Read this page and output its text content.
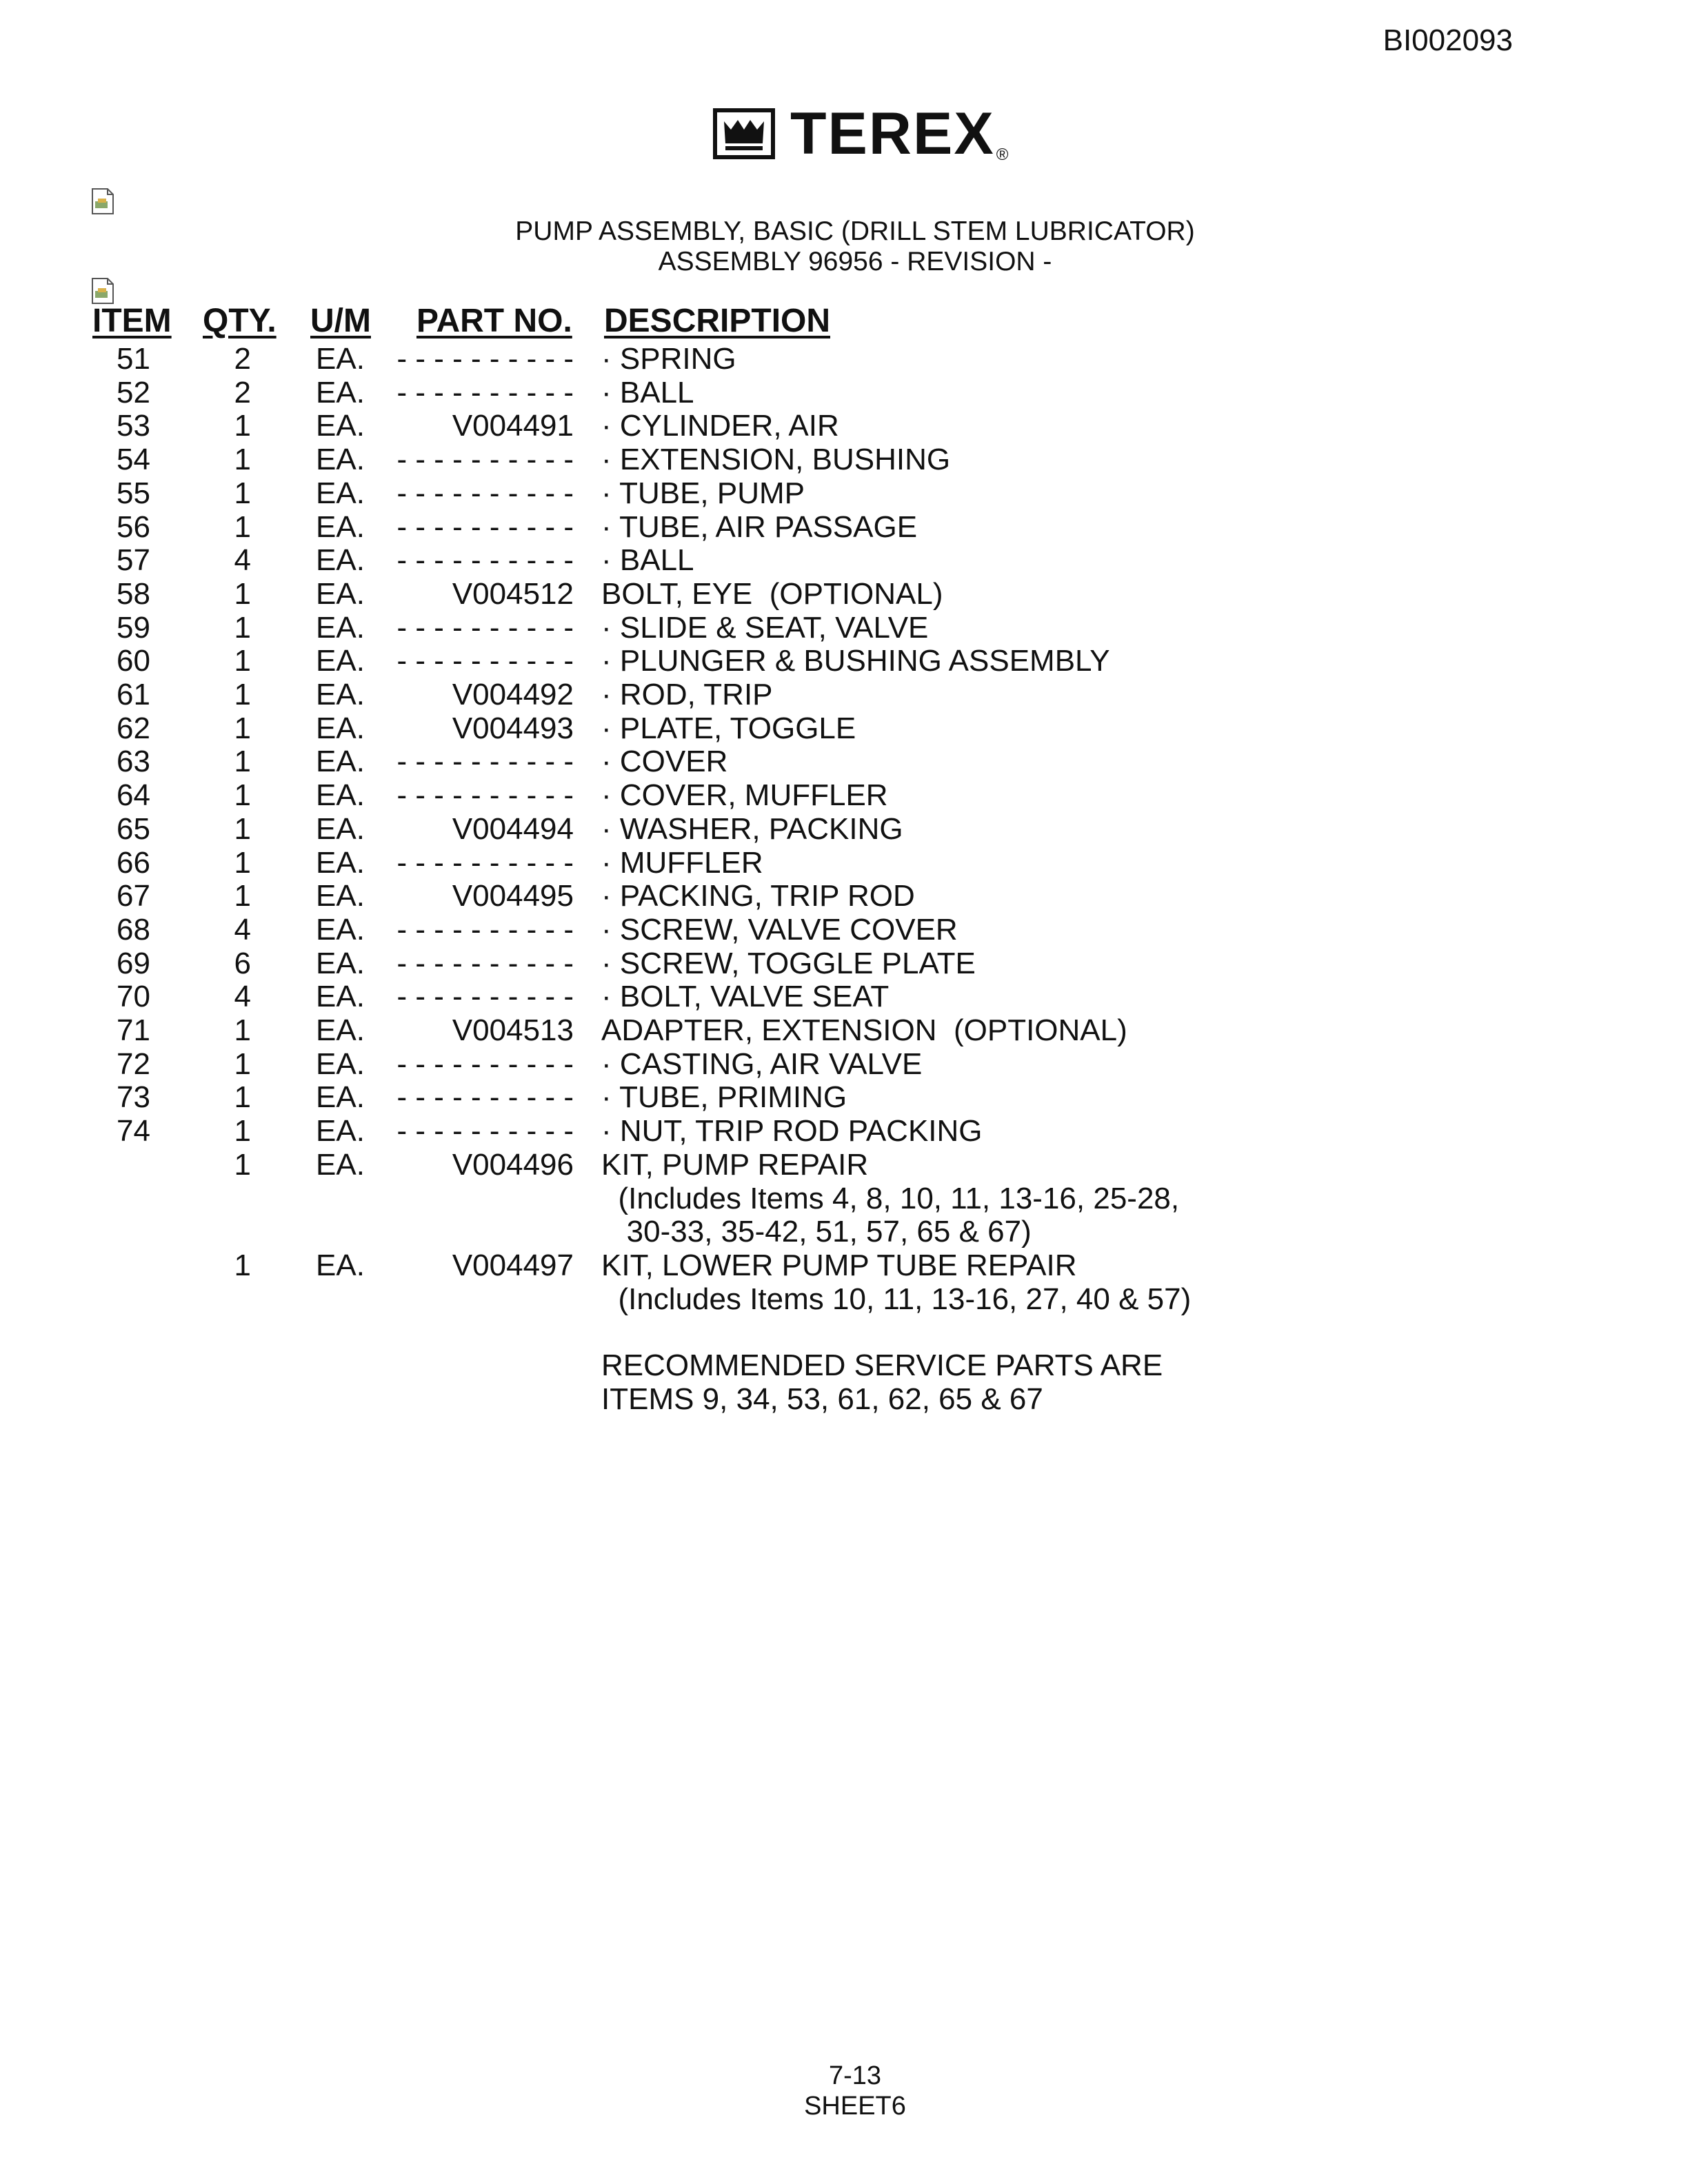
BI002093
TEREX®
PUMP ASSEMBLY, BASIC (DRILL STEM LUBRICATOR)
ASSEMBLY 96956 - REVISION -
ITEM QTY. U/M PART NO. DESCRIPTION
51	2 EA.	- - - - - - - - - - · SPRING
52	2 EA.	- - - - - - - - - - · BALL
53	1 EA.	V004491 · CYLINDER, AIR
54	1 EA.	- - - - - - - - - - · EXTENSION, BUSHING
55	1 EA.	- - - - - - - - - - · TUBE, PUMP
56	1 EA.	- - - - - - - - - - · TUBE, AIR PASSAGE
57	4 EA.	- - - - - - - - - - · BALL
58	1 EA.	V004512 BOLT, EYE  (OPTIONAL)
59	1 EA.	- - - - - - - - - - · SLIDE & SEAT, VALVE
60	1 EA.	- - - - - - - - - - · PLUNGER & BUSHING ASSEMBLY
61	1 EA.	V004492 · ROD, TRIP
62	1 EA.	V004493 · PLATE, TOGGLE
63	1 EA.	- - - - - - - - - - · COVER
64	1 EA.	- - - - - - - - - - · COVER, MUFFLER
65	1 EA.	V004494 · WASHER, PACKING
66	1 EA.	- - - - - - - - - - · MUFFLER
67	1 EA.	V004495 · PACKING, TRIP ROD
68	4 EA.	- - - - - - - - - - · SCREW, VALVE COVER
69	6 EA.	- - - - - - - - - - · SCREW, TOGGLE PLATE
70	4 EA.	- - - - - - - - - - · BOLT, VALVE SEAT
71	1 EA.	V004513 ADAPTER, EXTENSION  (OPTIONAL)
72	1 EA.	- - - - - - - - - - · CASTING, AIR VALVE
73	1 EA.	- - - - - - - - - - · TUBE, PRIMING
74	1 EA.	- - - - - - - - - - · NUT, TRIP ROD PACKING
1 EA.	V004496 KIT, PUMP REPAIR
(Includes Items 4, 8, 10, 11, 13-16, 25-28,
30-33, 35-42, 51, 57, 65 & 67)
1 EA.	V004497 KIT, LOWER PUMP TUBE REPAIR
(Includes Items 10, 11, 13-16, 27, 40 & 57)
RECOMMENDED SERVICE PARTS ARE
ITEMS 9, 34, 53, 61, 62, 65 & 67
7-13
SHEET6
